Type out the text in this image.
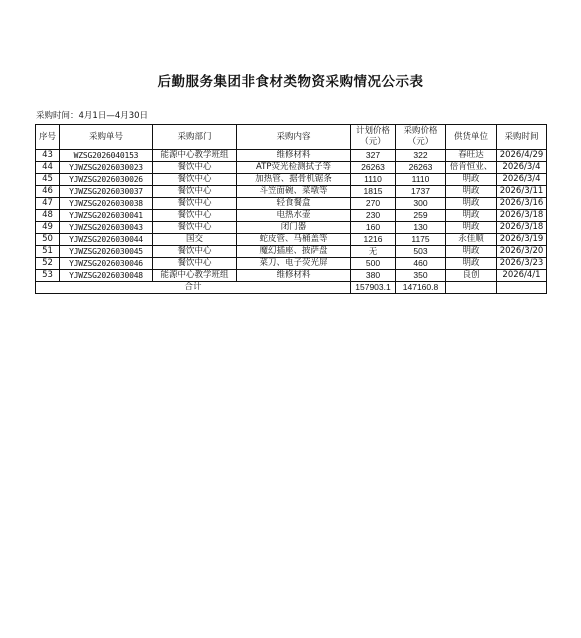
后勤服务集团非食材类物资采购情况公示表
采购时间：4月1日—4月30日
序号	采购单号	采购部门	采购内容	计划价格（元）	采购价格（元）	供货单位	采购时间
43	WZSG2026040153	能源中心教学班组	维修材料	327	322	春旺达	2026/4/29
44	YJWZSG2026030023	餐饮中心	ATP荧光检测拭子等	26263	26263	倍肯恒业、	2026/3/4
45	YJWZSG2026030026	餐饮中心	加热管、据骨机锯条	1110	1110	明政	2026/3/4
46	YJWZSG2026030037	餐饮中心	斗笠面碗、菜墩等	1815	1737	明政	2026/3/11
47	YJWZSG2026030038	餐饮中心	轻食餐盒	270	300	明政	2026/3/16
48	YJWZSG2026030041	餐饮中心	电热水壶	230	259	明政	2026/3/18
49	YJWZSG2026030043	餐饮中心	闭门器	160	130	明政	2026/3/18
50	YJWZSG2026030044	国交	蛇皮管、马桶盖等	1216	1175	永佳顺	2026/3/19
51	YJWZSG2026030045	餐饮中心	魔幻插座、披萨盘	无	503	明政	2026/3/20
52	YJWZSG2026030046	餐饮中心	菜刀、电子荧光屏	500	460	明政	2026/3/23
53	YJWZSG2026030048	能源中心教学班组	维修材料	380	350	良创	2026/4/1
合计				157903.1	147160.8		
